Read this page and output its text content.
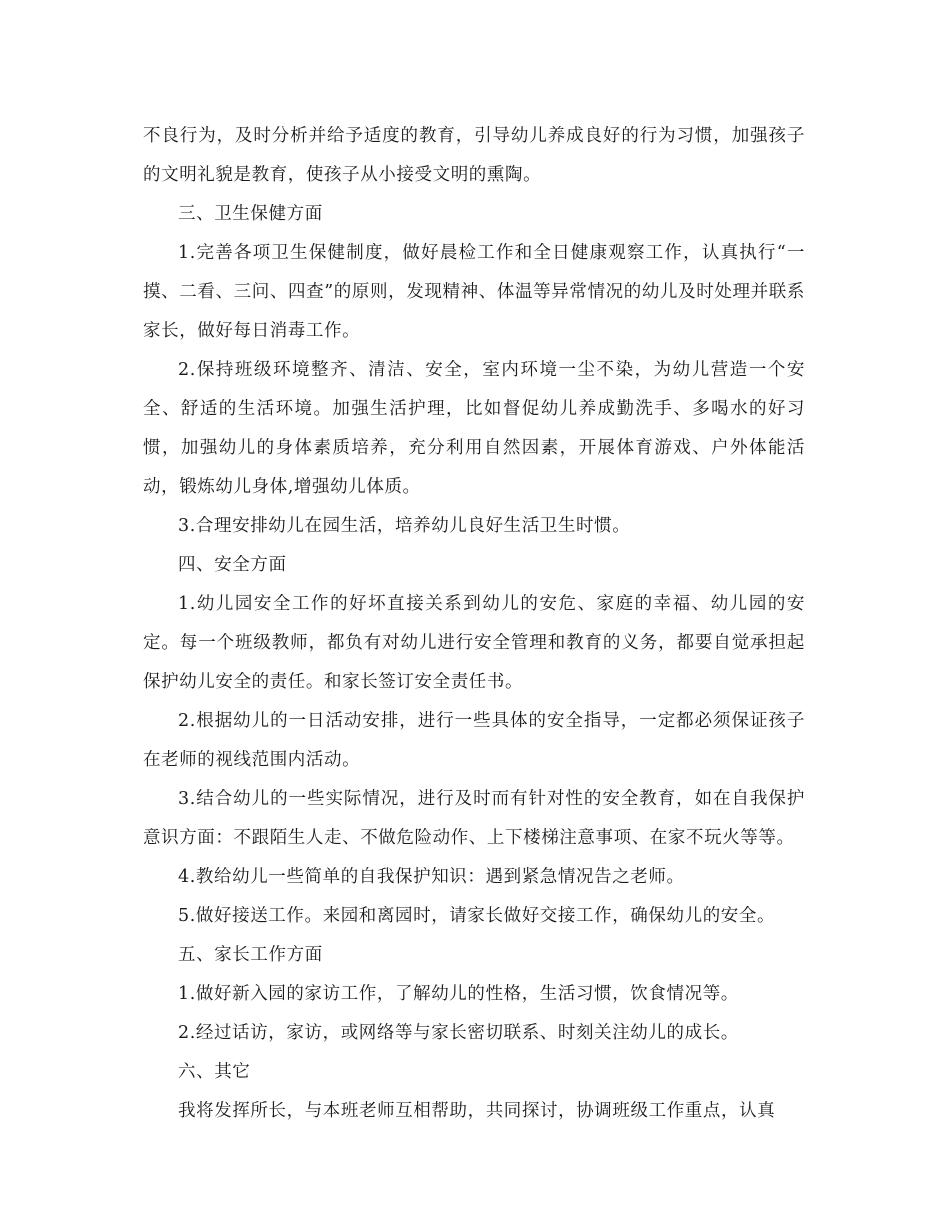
不良行为，及时分析并给予适度的教育，引导幼儿养成良好的行为习惯，加强孩子的文明礼貌是教育，使孩子从小接受文明的熏陶。

三、卫生保健方面

1.完善各项卫生保健制度，做好晨检工作和全日健康观察工作，认真执行“一摸、二看、三问、四查”的原则，发现精神、体温等异常情况的幼儿及时处理并联系家长，做好每日消毒工作。

2.保持班级环境整齐、清洁、安全，室内环境一尘不染，为幼儿营造一个安全、舒适的生活环境。加强生活护理，比如督促幼儿养成勤洗手、多喝水的好习惯，加强幼儿的身体素质培养，充分利用自然因素，开展体育游戏、户外体能活动，锻炼幼儿身体,增强幼儿体质。

3.合理安排幼儿在园生活，培养幼儿良好生活卫生时惯。

四、安全方面

1.幼儿园安全工作的好坏直接关系到幼儿的安危、家庭的幸福、幼儿园的安定。每一个班级教师，都负有对幼儿进行安全管理和教育的义务，都要自觉承担起保护幼儿安全的责任。和家长签订安全责任书。

2.根据幼儿的一日活动安排，进行一些具体的安全指导，一定都必须保证孩子在老师的视线范围内活动。

3.结合幼儿的一些实际情况，进行及时而有针对性的安全教育，如在自我保护意识方面：不跟陌生人走、不做危险动作、上下楼梯注意事项、在家不玩火等等。

4.教给幼儿一些简单的自我保护知识：遇到紧急情况告之老师。

5.做好接送工作。来园和离园时，请家长做好交接工作，确保幼儿的安全。

五、家长工作方面

1.做好新入园的家访工作，了解幼儿的性格，生活习惯，饮食情况等。

2.经过话访，家访，或网络等与家长密切联系、时刻关注幼儿的成长。

六、其它

我将发挥所长，与本班老师互相帮助，共同探讨，协调班级工作重点，认真
